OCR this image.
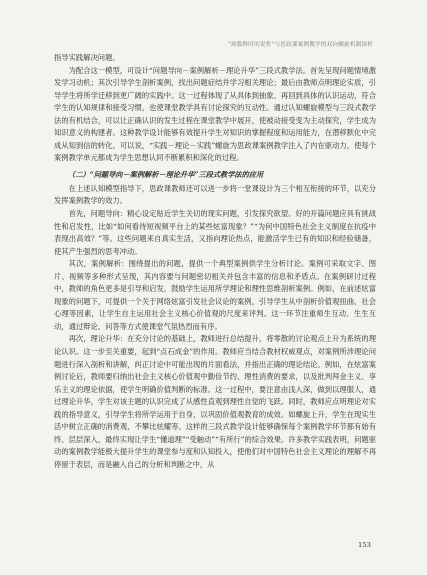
“辩数释时的说哲”与思政课案例教学的双向螺旋机制探析

指导实践解决问题。

为配合这一模型，可设计“问题导向－案例解析－理论升华”三段式教学法。首先呈现问题情境激发学习动机；其次引导学生剖析案例，找出问题症结并学习相关理论；最后由教师点明理论实质，引导学生将所学迁移到更广阔的实践中。这一过程体现了从具体到抽象、再回到具体的认识运动，符合学生的认知规律和接受习惯，也使课堂教学具有讨论探究的互动性。通过认知螺旋模型与三段式教学法的有机结合，可以让正确认识的发生过程在课堂教学中展开，使被动接受变为主动探究，学生成为知识意义的构建者。这种教学设计能够有效提升学生对知识的掌握程度和运用能力，在潜移默化中完成从知到信的转化。可以说，“实践－理论－实践”螺旋为思政课案例教学注入了内在驱动力，使每个案例教学单元都成为学生思想认同不断累积和深化的过程。

（二）“问题导向－案例解析－理论升华”三段式教学法的应用

在上述认知模型指导下，思政课教师还可以进一步将一堂课设计为三个相互衔接的环节，以充分发挥案例教学的效力。

首先，问题导向：精心设定贴近学生关切的现实问题，引发探究欲望。好的开篇问题应具有挑战性和启发性，比如“如何看待短视频平台上的某些炫富现象？”“为何中国特色社会主义制度在抗疫中表现出高效？”等。这些问题来自真实生活，又指向理论热点，能激活学生已有的知识和经验储备，使其产生强烈的思考冲动。

其次，案例解析：围绕提出的问题，提供一个典型案例供学生分析讨论。案例可采取文字、图片、视频等多种形式呈现，其内容要与问题密切相关并包含丰富的信息和矛盾点。在案例研讨过程中，教师的角色更多是引导和启发，鼓励学生运用所学理论和理性思维剖析案例。例如，在前述炫富现象的问题下，可提供一个关于网络炫富引发社会议论的案例，引导学生从中剖析价值观扭曲、社会心理等因素，让学生自主运用社会主义核心价值观的尺度来评判。这一环节注重师生互动、生生互动，通过辩论、问答等方式使课堂气氛热烈而有序。

再次，理论升华：在充分讨论的基础上，教师进行总结提升，将零散的讨论观点上升为系统的理论认识。这一步至关重要，起到“点石成金”的作用。教师应当结合教材权威观点，对案例所涉理论问题进行深入剖析和讲解，纠正讨论中可能出现的片面看法，并指出正确的理论结论。例如，在炫富案例讨论后，教师要归纳出社会主义核心价值观中勤俭节约、理性消费的要求，以及批判拜金主义、享乐主义的理论依据，使学生明确价值判断的标准。这一过程中，要注意由浅入深，做到以理服人，通过理论升华，学生对该主题的认识完成了从感性直观到理性自觉的飞跃。同时，教师应点明理论对实践的指导意义，引导学生将所学运用于自身，以巩固价值观教育的成效。如螺旋上升，学生在现实生活中树立正确的消费观，不攀比炫耀等。这样的三段式教学设计能够确保每个案例教学环节都有始有终、层层深入，最终实现让学生“懂道理”“受触动”“有所行”的综合效果。许多教学实践表明，问题驱动的案例教学能极大提升学生的课堂参与度和认知投入，使他们对中国特色社会主义理论的理解不再停留于表层，而是融入自己的分析和判断之中，从

153
